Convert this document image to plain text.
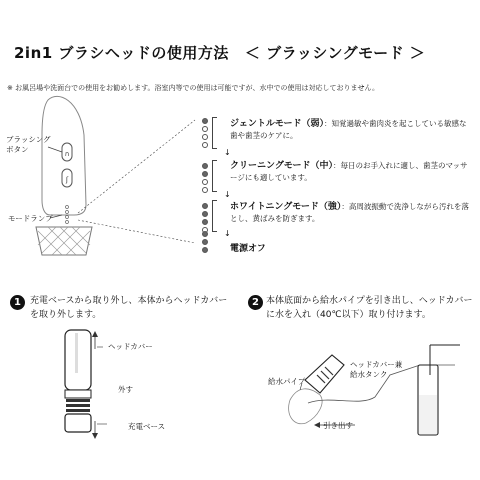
2in1 ブラシヘッドの使用方法 ＜ ブラッシングモード ＞
※ お風呂場や洗面台での使用をお勧めします。浴室内等での使用は可能ですが、水中での使用は対応しておりません。
ก
ʃ
ブラッシング
ボタン
モードランプ
↓
↓
↓
ジェントルモード（弱）：知覚過敏や歯肉炎を起こしている敏感な歯や歯茎のケアに。
クリーニングモード（中）：毎日のお手入れに適し、歯茎のマッサージにも適しています。
ホワイトニングモード（強）：高周波振動で洗浄しながら汚れを落とし、黄ばみを防ぎます。
電源オフ
1	充電ベースから取り外し、本体からヘッドカバーを取り外します。
ヘッドカバー
外す
充電ベース
2 本体底面から給水パイプを引き出し、ヘッドカバーに水を入れ（40℃以下）取り付けます。
給水パイプ
引き出す
ヘッドカバー兼
給水タンク
